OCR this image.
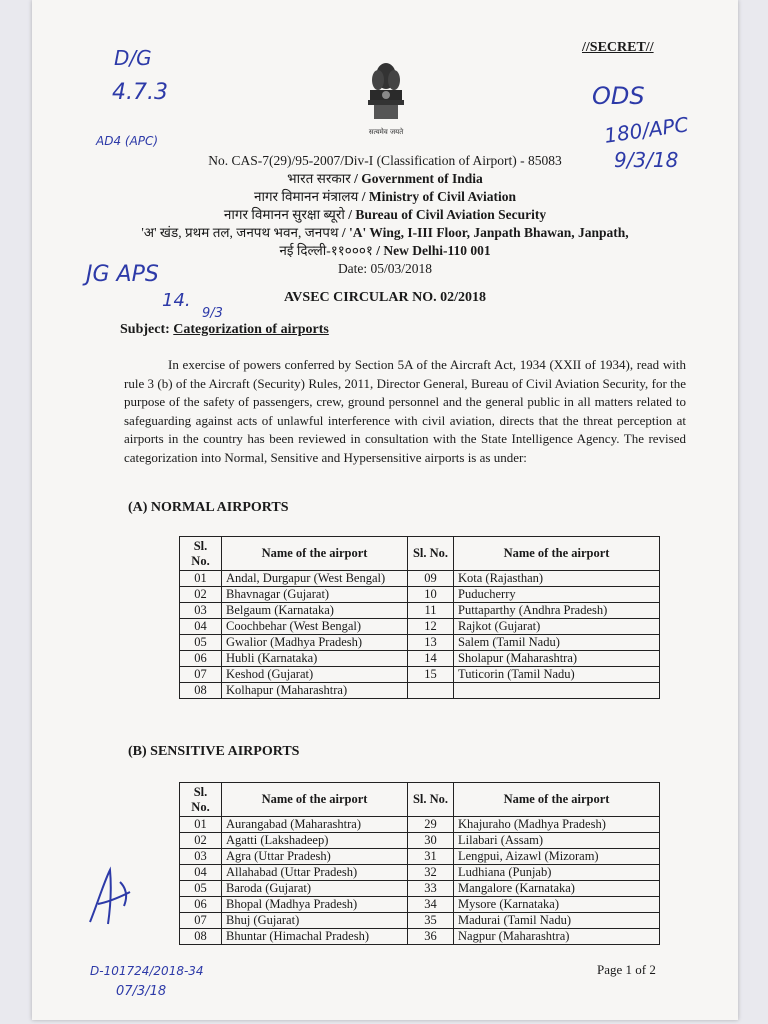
//SECRET//
सत्यमेव जयते
D/G
4.7.3
AD4 (APC)
ODS
180/APC
9/3/18
JG APS
14.
9/3
D-101724/2018-34
07/3/18
No. CAS-7(29)/95-2007/Div-I (Classification of Airport) - 85083
भारत सरकार / Government of India
नागर विमानन मंत्रालय / Ministry of Civil Aviation
नागर विमानन सुरक्षा ब्यूरो / Bureau of Civil Aviation Security
'अ' खंड, प्रथम तल, जनपथ भवन, जनपथ / 'A' Wing, I-III Floor, Janpath Bhawan, Janpath,
नई दिल्ली-११०००१ / New Delhi-110 001
Date: 05/03/2018
AVSEC CIRCULAR NO. 02/2018
Subject: Categorization of airports
In exercise of powers conferred by Section 5A of the Aircraft Act, 1934 (XXII of 1934), read with rule 3 (b) of the Aircraft (Security) Rules, 2011, Director General, Bureau of Civil Aviation Security, for the purpose of the safety of passengers, crew, ground personnel and the general public in all matters related to safeguarding against acts of unlawful interference with civil aviation, directs that the threat perception at airports in the country has been reviewed in consultation with the State Intelligence Agency. The revised categorization into Normal, Sensitive and Hypersensitive airports is as under:
(A) NORMAL AIRPORTS
Sl. No.	Name of the airport	Sl. No.	Name of the airport
01	Andal, Durgapur (West Bengal)	09	Kota (Rajasthan)
02	Bhavnagar (Gujarat)	10	Puducherry
03	Belgaum (Karnataka)	11	Puttaparthy (Andhra Pradesh)
04	Coochbehar (West Bengal)	12	Rajkot (Gujarat)
05	Gwalior (Madhya Pradesh)	13	Salem (Tamil Nadu)
06	Hubli (Karnataka)	14	Sholapur (Maharashtra)
07	Keshod (Gujarat)	15	Tuticorin (Tamil Nadu)
08	Kolhapur (Maharashtra)		
(B) SENSITIVE AIRPORTS
Sl. No.	Name of the airport	Sl. No.	Name of the airport
01	Aurangabad (Maharashtra)	29	Khajuraho (Madhya Pradesh)
02	Agatti (Lakshadeep)	30	Lilabari (Assam)
03	Agra (Uttar Pradesh)	31	Lengpui, Aizawl (Mizoram)
04	Allahabad (Uttar Pradesh)	32	Ludhiana (Punjab)
05	Baroda (Gujarat)	33	Mangalore (Karnataka)
06	Bhopal (Madhya Pradesh)	34	Mysore (Karnataka)
07	Bhuj (Gujarat)	35	Madurai (Tamil Nadu)
08	Bhuntar (Himachal Pradesh)	36	Nagpur (Maharashtra)
Page 1 of 2
